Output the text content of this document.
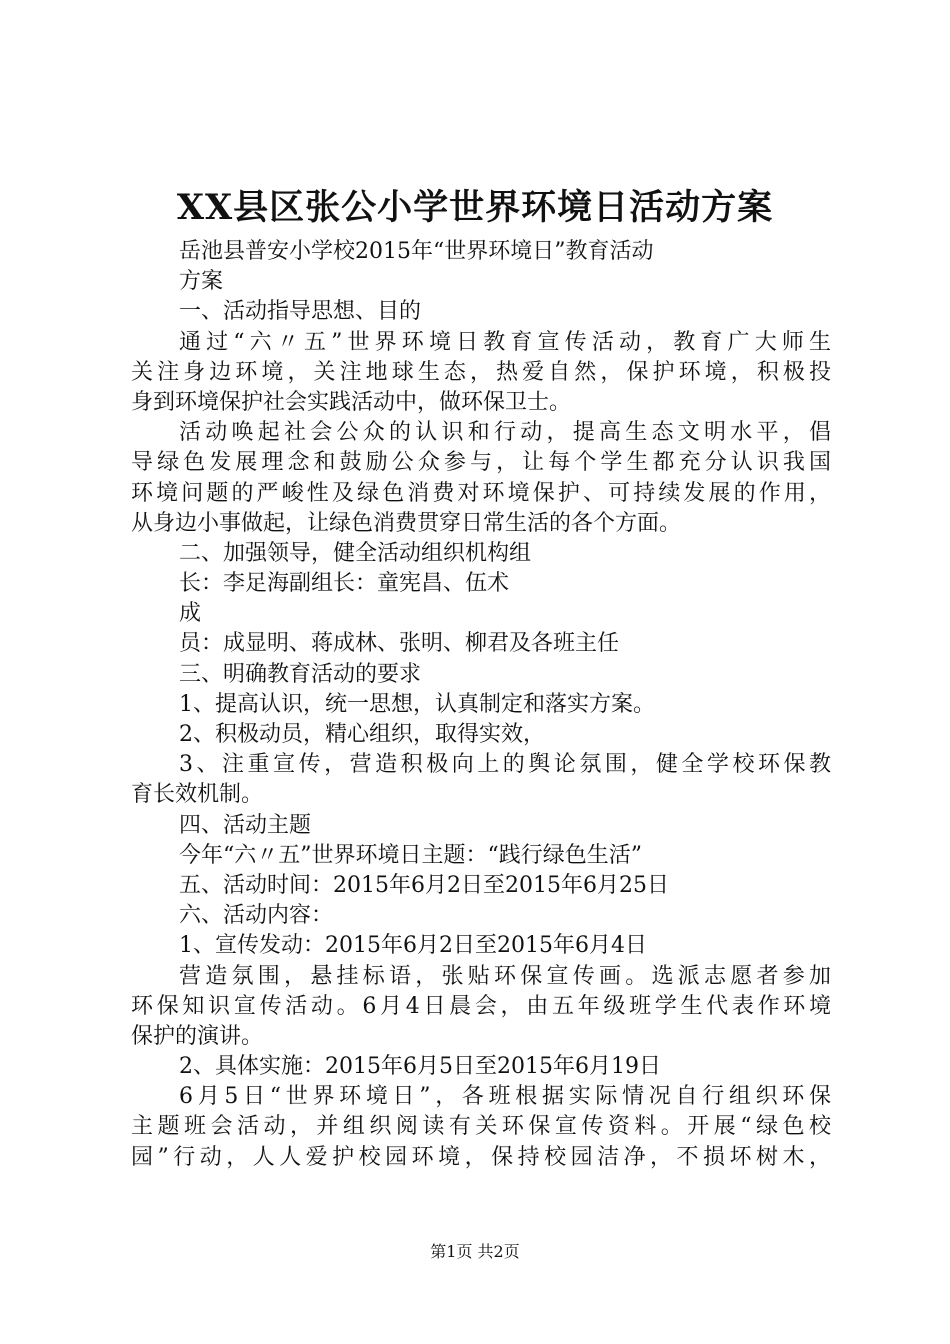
XX县区张公小学世界环境日活动方案
岳池县普安小学校2015年“世界环境日”教育活动
方案
一、活动指导思想、目的
通过“六〃五”世界环境日教育宣传活动，教育广大师生
关注身边环境，关注地球生态，热爱自然，保护环境，积极投
身到环境保护社会实践活动中，做环保卫士。
活动唤起社会公众的认识和行动，提高生态文明水平，倡
导绿色发展理念和鼓励公众参与，让每个学生都充分认识我国
环境问题的严峻性及绿色消费对环境保护、可持续发展的作用，
从身边小事做起，让绿色消费贯穿日常生活的各个方面。
二、加强领导，健全活动组织机构组
长：李足海副组长：童宪昌、伍术
成
员：成显明、蒋成林、张明、柳君及各班主任
三、明确教育活动的要求
1、提高认识，统一思想，认真制定和落实方案。
2、积极动员，精心组织，取得实效，
3、注重宣传，营造积极向上的舆论氛围，健全学校环保教
育长效机制。
四、活动主题
今年“六〃五”世界环境日主题：“践行绿色生活”
五、活动时间：2015年6月2日至2015年6月25日
六、活动内容：
1、宣传发动：2015年6月2日至2015年6月4日
营造氛围，悬挂标语，张贴环保宣传画。选派志愿者参加
环保知识宣传活动。6月4日晨会，由五年级班学生代表作环境
保护的演讲。
2、具体实施：2015年6月5日至2015年6月19日
6月5日“世界环境日”，各班根据实际情况自行组织环保
主题班会活动，并组织阅读有关环保宣传资料。开展“绿色校
园”行动，人人爱护校园环境，保持校园洁净，不损坏树木，
第1页 共2页
